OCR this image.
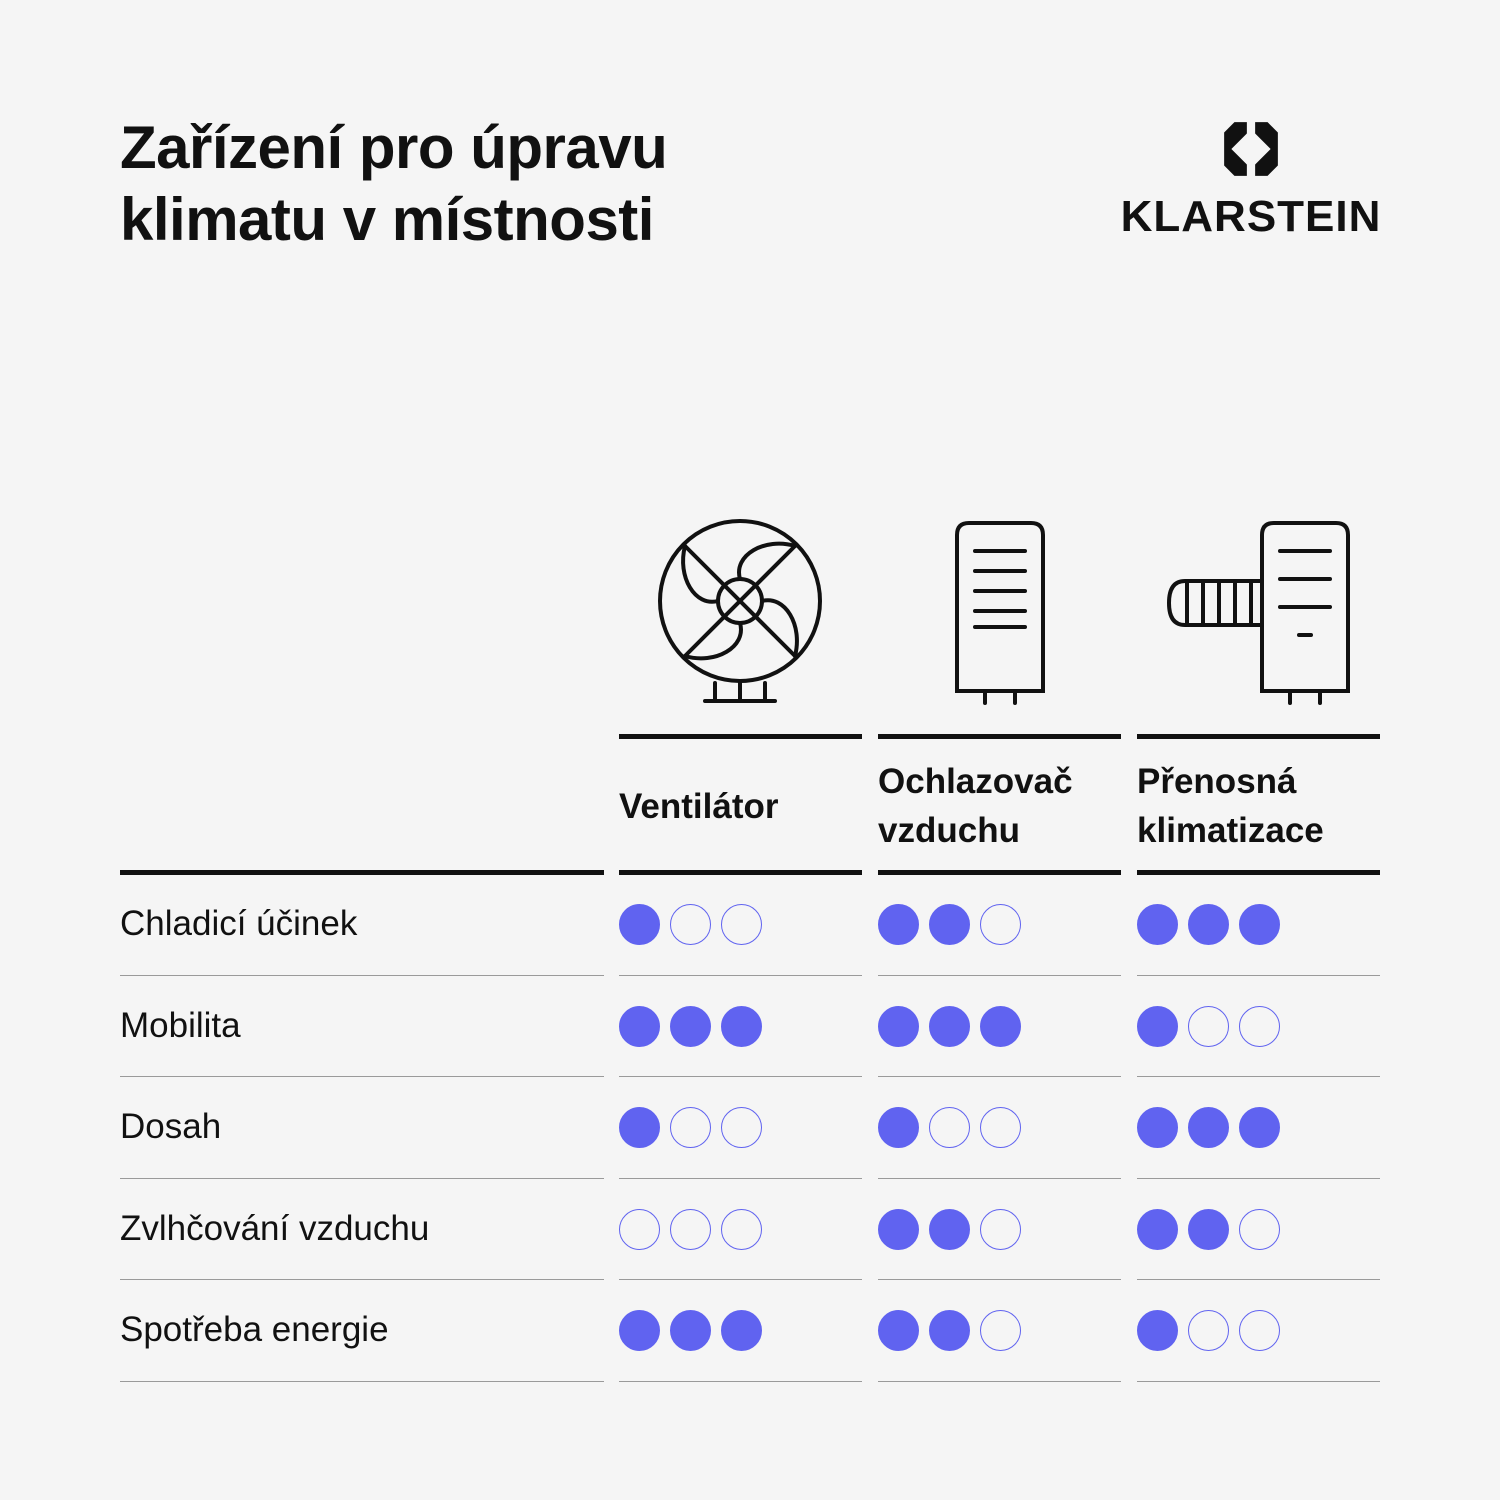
Zařízení pro úpravu
klimatu v místnosti	KLARSTEIN
Ventilátor
Ochlazovač
vzduchu
Přenosná
klimatizace
Chladicí účinek
Mobilita
Dosah
Zvlhčování vzduchu
Spotřeba energie
